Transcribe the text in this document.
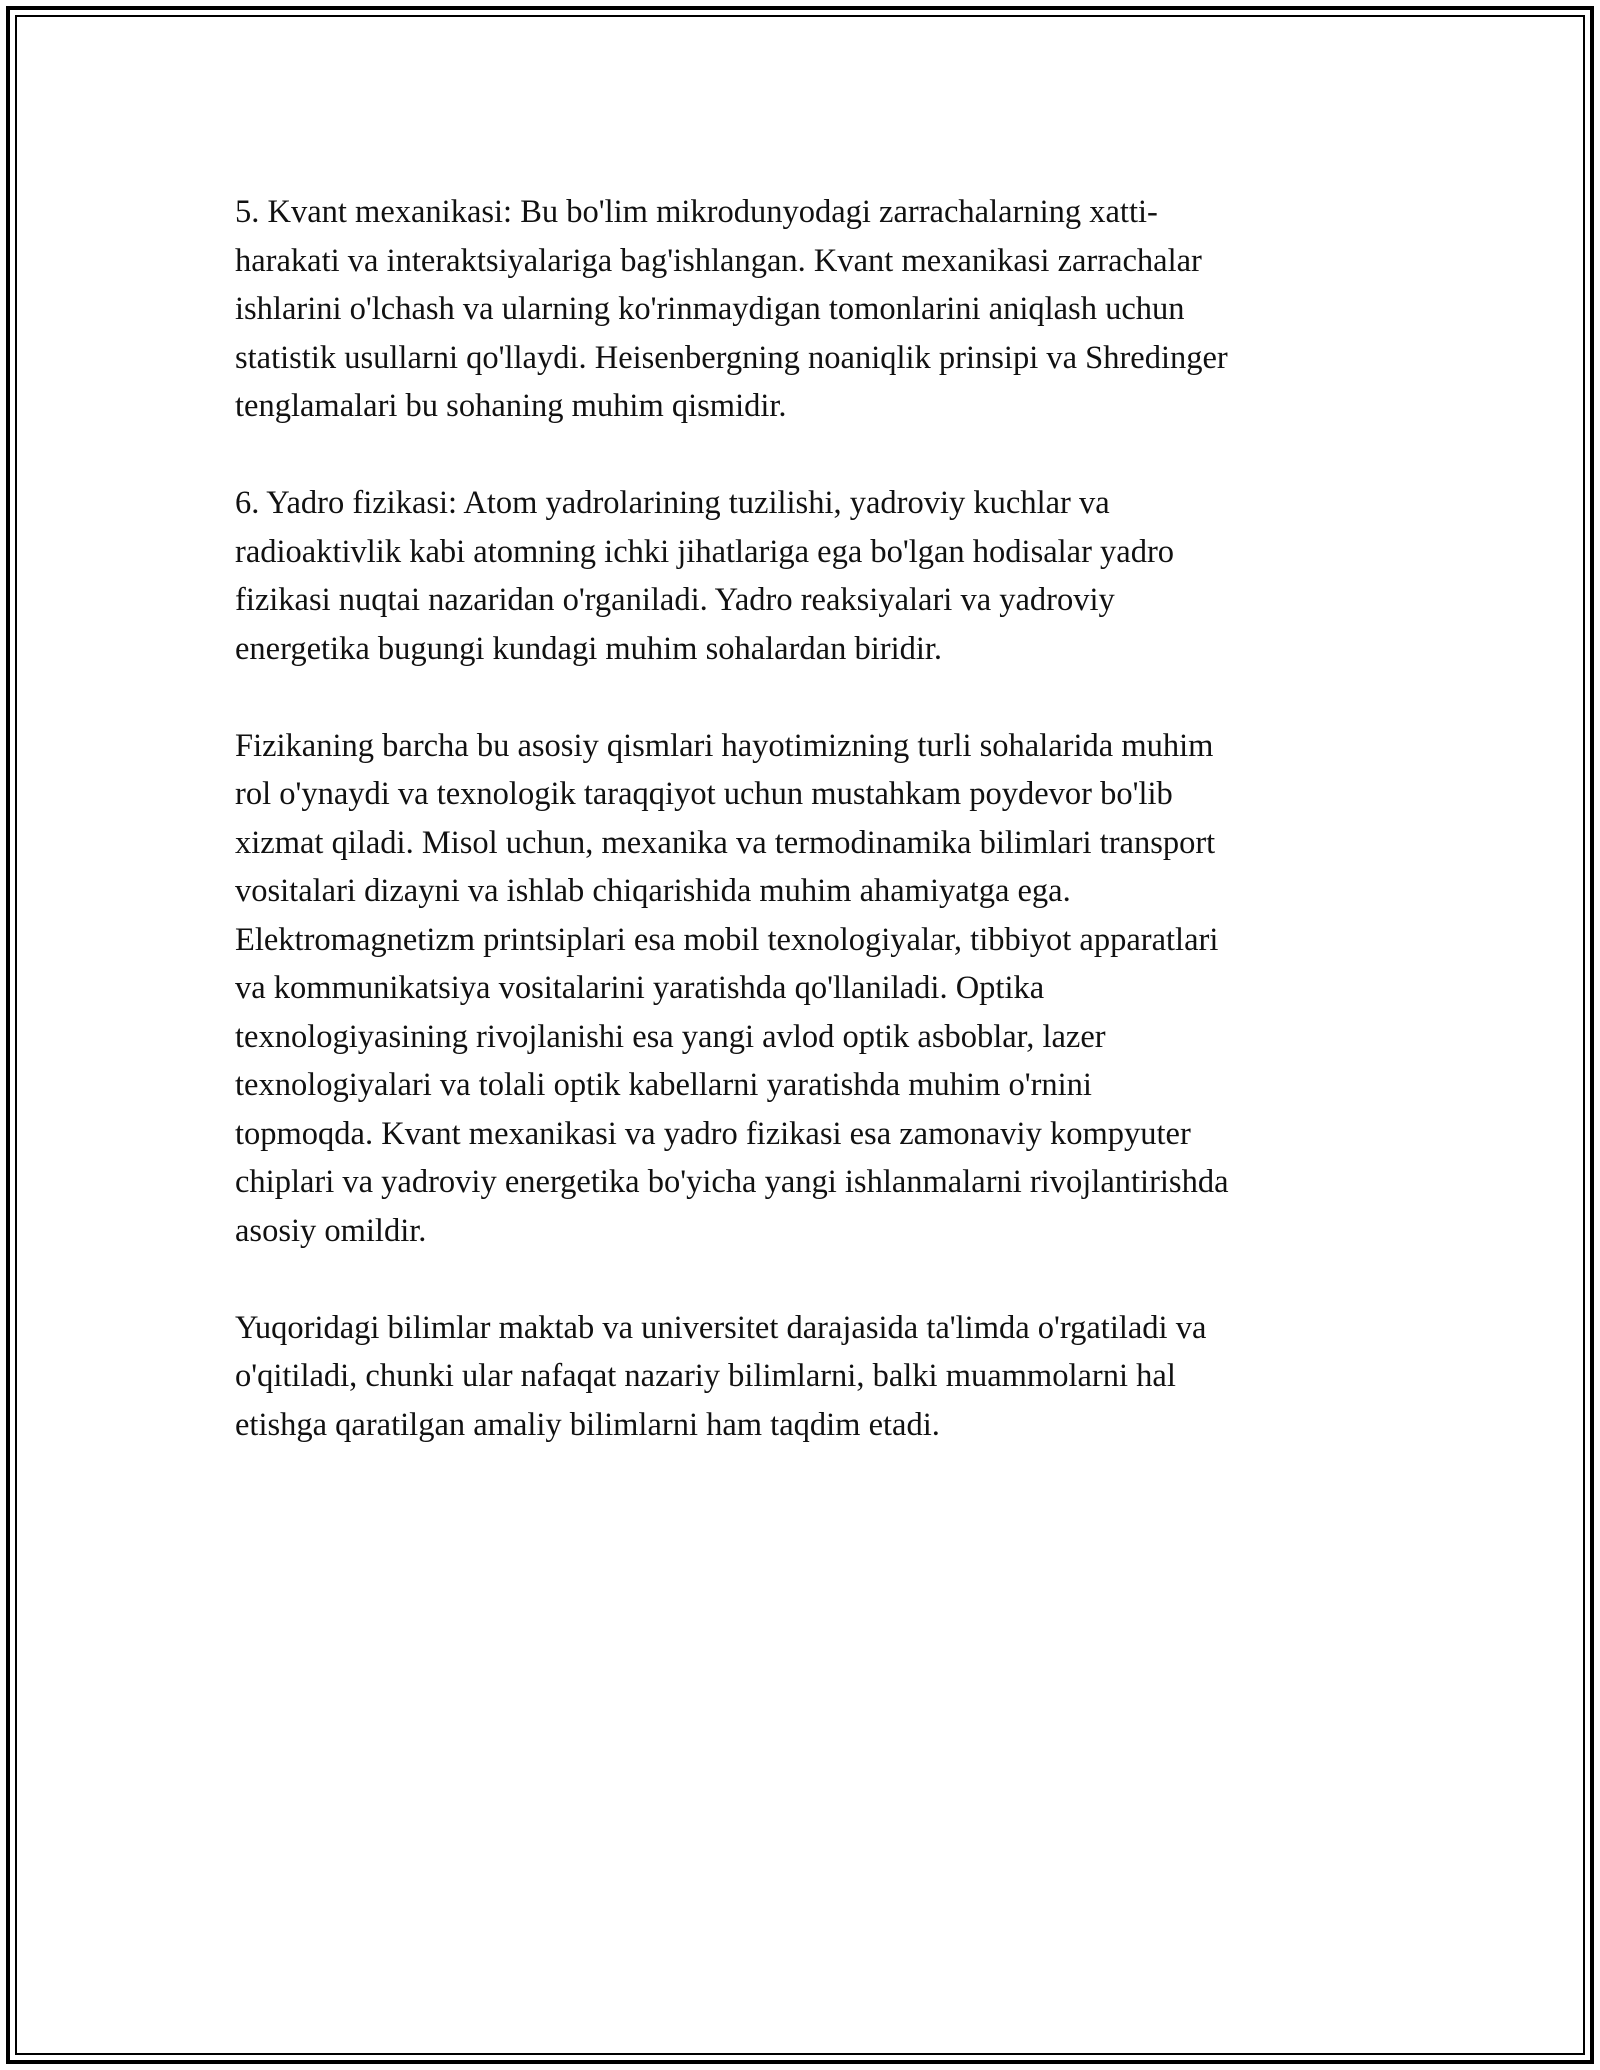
5. Kvant mexanikasi: Bu bo'lim mikrodunyodagi zarrachalarning xatti-
harakati va interaktsiyalariga bag'ishlangan. Kvant mexanikasi zarrachalar
ishlarini o'lchash va ularning ko'rinmaydigan tomonlarini aniqlash uchun
statistik usullarni qo'llaydi. Heisenbergning noaniqlik prinsipi va Shredinger
tenglamalari bu sohaning muhim qismidir.
6. Yadro fizikasi: Atom yadrolarining tuzilishi, yadroviy kuchlar va
radioaktivlik kabi atomning ichki jihatlariga ega bo'lgan hodisalar yadro
fizikasi nuqtai nazaridan o'rganiladi. Yadro reaksiyalari va yadroviy
energetika bugungi kundagi muhim sohalardan biridir.
Fizikaning barcha bu asosiy qismlari hayotimizning turli sohalarida muhim
rol o'ynaydi va texnologik taraqqiyot uchun mustahkam poydevor bo'lib
xizmat qiladi. Misol uchun, mexanika va termodinamika bilimlari transport
vositalari dizayni va ishlab chiqarishida muhim ahamiyatga ega.
Elektromagnetizm printsiplari esa mobil texnologiyalar, tibbiyot apparatlari
va kommunikatsiya vositalarini yaratishda qo'llaniladi. Optika
texnologiyasining rivojlanishi esa yangi avlod optik asboblar, lazer
texnologiyalari va tolali optik kabellarni yaratishda muhim o'rnini
topmoqda. Kvant mexanikasi va yadro fizikasi esa zamonaviy kompyuter
chiplari va yadroviy energetika bo'yicha yangi ishlanmalarni rivojlantirishda
asosiy omildir.
Yuqoridagi bilimlar maktab va universitet darajasida ta'limda o'rgatiladi va
o'qitiladi, chunki ular nafaqat nazariy bilimlarni, balki muammolarni hal
etishga qaratilgan amaliy bilimlarni ham taqdim etadi.
